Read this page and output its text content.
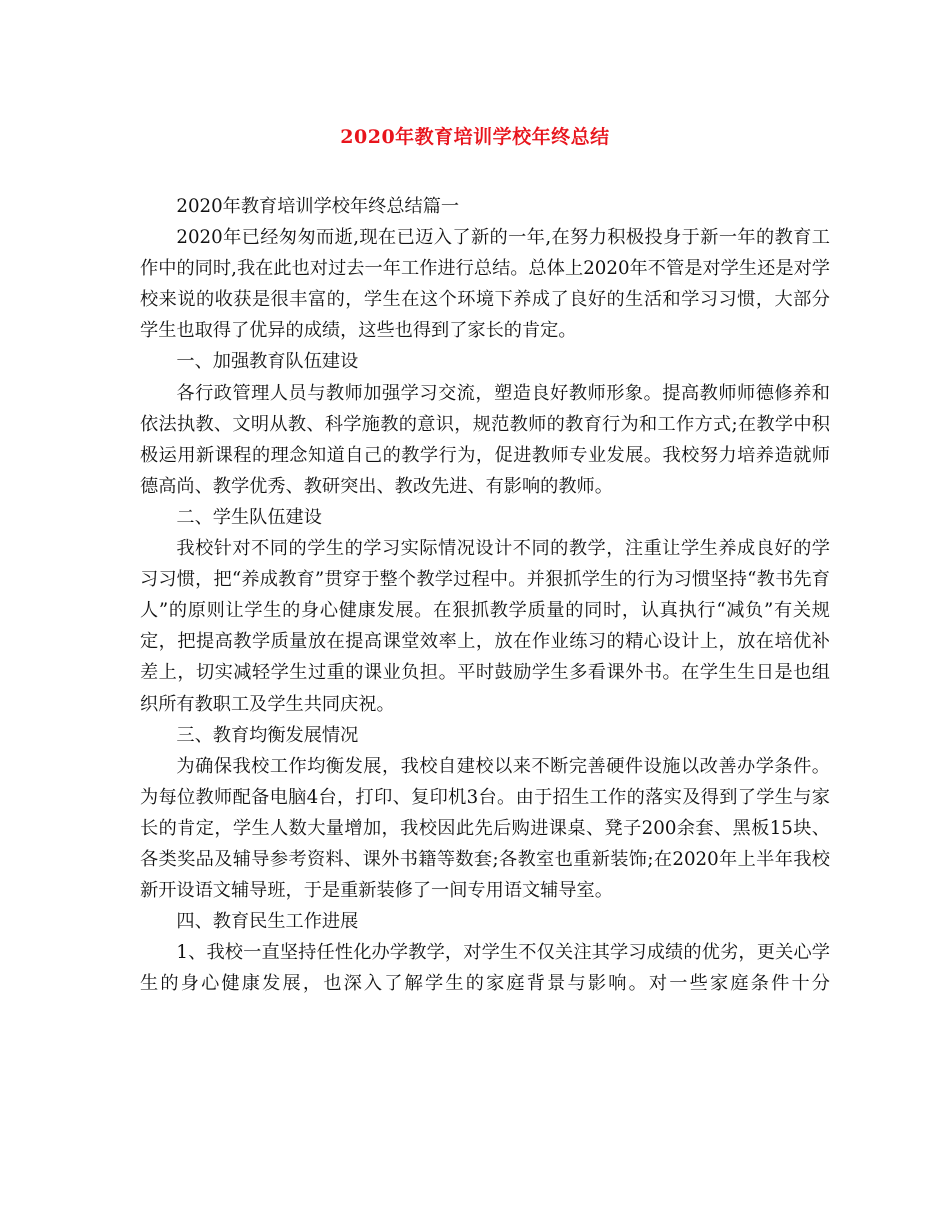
2020年教育培训学校年终总结

2020年教育培训学校年终总结篇一

2020年已经匆匆而逝,现在已迈入了新的一年,在努力积极投身于新一年的教育工作中的同时,我在此也对过去一年工作进行总结。总体上2020年不管是对学生还是对学校来说的收获是很丰富的，学生在这个环境下养成了良好的生活和学习习惯，大部分学生也取得了优异的成绩，这些也得到了家长的肯定。

一、加强教育队伍建设

各行政管理人员与教师加强学习交流，塑造良好教师形象。提高教师师德修养和依法执教、文明从教、科学施教的意识，规范教师的教育行为和工作方式;在教学中积极运用新课程的理念知道自己的教学行为，促进教师专业发展。我校努力培养造就师德高尚、教学优秀、教研突出、教改先进、有影响的教师。

二、学生队伍建设

我校针对不同的学生的学习实际情况设计不同的教学，注重让学生养成良好的学习习惯，把“养成教育”贯穿于整个教学过程中。并狠抓学生的行为习惯坚持“教书先育人”的原则让学生的身心健康发展。在狠抓教学质量的同时，认真执行“减负”有关规定，把提高教学质量放在提高课堂效率上，放在作业练习的精心设计上，放在培优补差上，切实减轻学生过重的课业负担。平时鼓励学生多看课外书。在学生生日是也组织所有教职工及学生共同庆祝。

三、教育均衡发展情况

为确保我校工作均衡发展，我校自建校以来不断完善硬件设施以改善办学条件。为每位教师配备电脑4台，打印、复印机3台。由于招生工作的落实及得到了学生与家长的肯定，学生人数大量增加，我校因此先后购进课桌、凳子200余套、黑板15块、各类奖品及辅导参考资料、课外书籍等数套;各教室也重新装饰;在2020年上半年我校新开设语文辅导班，于是重新装修了一间专用语文辅导室。

四、教育民生工作进展

1、我校一直坚持任性化办学教学，对学生不仅关注其学习成绩的优劣，更关心学生的身心健康发展，也深入了解学生的家庭背景与影响。对一些家庭条件十分
